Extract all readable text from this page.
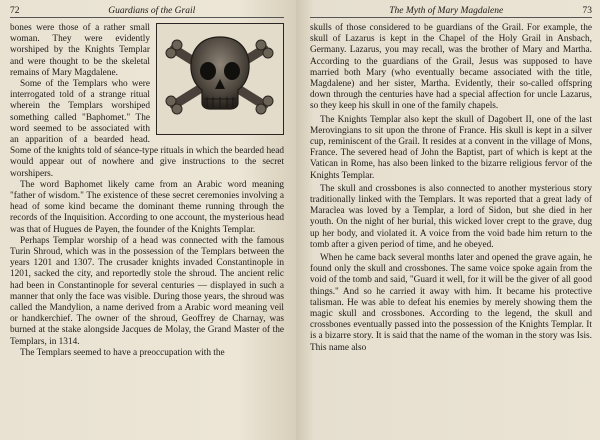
72	Guardians of the Grail

bones were those of a rather small woman. They were evidently worshiped by the Knights Templar and were thought to be the skeletal remains of Mary Magdalene.

Some of the Templars who were interrogated told of a strange ritual wherein the Templars worshiped something called "Baphomet." The word seemed to be associated with an apparition of a bearded head. Some of the knights told of séance-type rituals in which the bearded head would appear out of nowhere and give instructions to the secret worshipers.

The word Baphomet likely came from an Arabic word meaning "father of wisdom." The existence of these secret ceremonies involving a head of some kind became the dominant theme running through the records of the Inquisition. According to one account, the mysterious head was that of Hugues de Payen, the founder of the Knights Templar.

Perhaps Templar worship of a head was connected with the famous Turin Shroud, which was in the possession of the Templars between the years 1201 and 1307. The crusader knights invaded Constantinople in 1201, sacked the city, and reportedly stole the shroud. The ancient relic had been in Constantinople for several centuries — displayed in such a manner that only the face was visible. During those years, the shroud was called the Mandylion, a name derived from a Arabic word meaning veil or handkerchief. The owner of the shroud, Geoffrey de Charnay, was burned at the stake alongside Jacques de Molay, the Grand Master of the Templars, in 1314.

The Templars seemed to have a preoccupation with the

The Myth of Mary Magdalene	73

skulls of those considered to be guardians of the Grail. For example, the skull of Lazarus is kept in the Chapel of the Holy Grail in Ansbach, Germany. Lazarus, you may recall, was the brother of Mary and Martha. According to the guardians of the Grail, Jesus was supposed to have married both Mary (who eventually became associated with the title, Magdalene) and her sister, Martha. Evidently, their so-called offspring down through the centuries have had a special affection for uncle Lazarus, so they keep his skull in one of the family chapels.

The Knights Templar also kept the skull of Dagobert II, one of the last Merovingians to sit upon the throne of France. His skull is kept in a silver cup, reminiscent of the Grail. It resides at a convent in the village of Mons, France. The severed head of John the Baptist, part of which is kept at the Vatican in Rome, has also been linked to the bizarre religious fervor of the Knights Templar.

The skull and crossbones is also connected to another mysterious story traditionally linked with the Templars. It was reported that a great lady of Maraclea was loved by a Templar, a lord of Sidon, but she died in her youth. On the night of her burial, this wicked lover crept to the grave, dug up her body, and violated it. A voice from the void bade him return to the tomb after a given period of time, and he obeyed.

When he came back several months later and opened the grave again, he found only the skull and crossbones. The same voice spoke again from the void of the tomb and said, "Guard it well, for it will be the giver of all good things." And so he carried it away with him. It became his protective talisman. He was able to defeat his enemies by merely showing them the magic skull and crossbones. According to the legend, the skull and crossbones eventually passed into the possession of the Knights Templar. It is a bizarre story. It is said that the name of the woman in the story was Isis. This name also
